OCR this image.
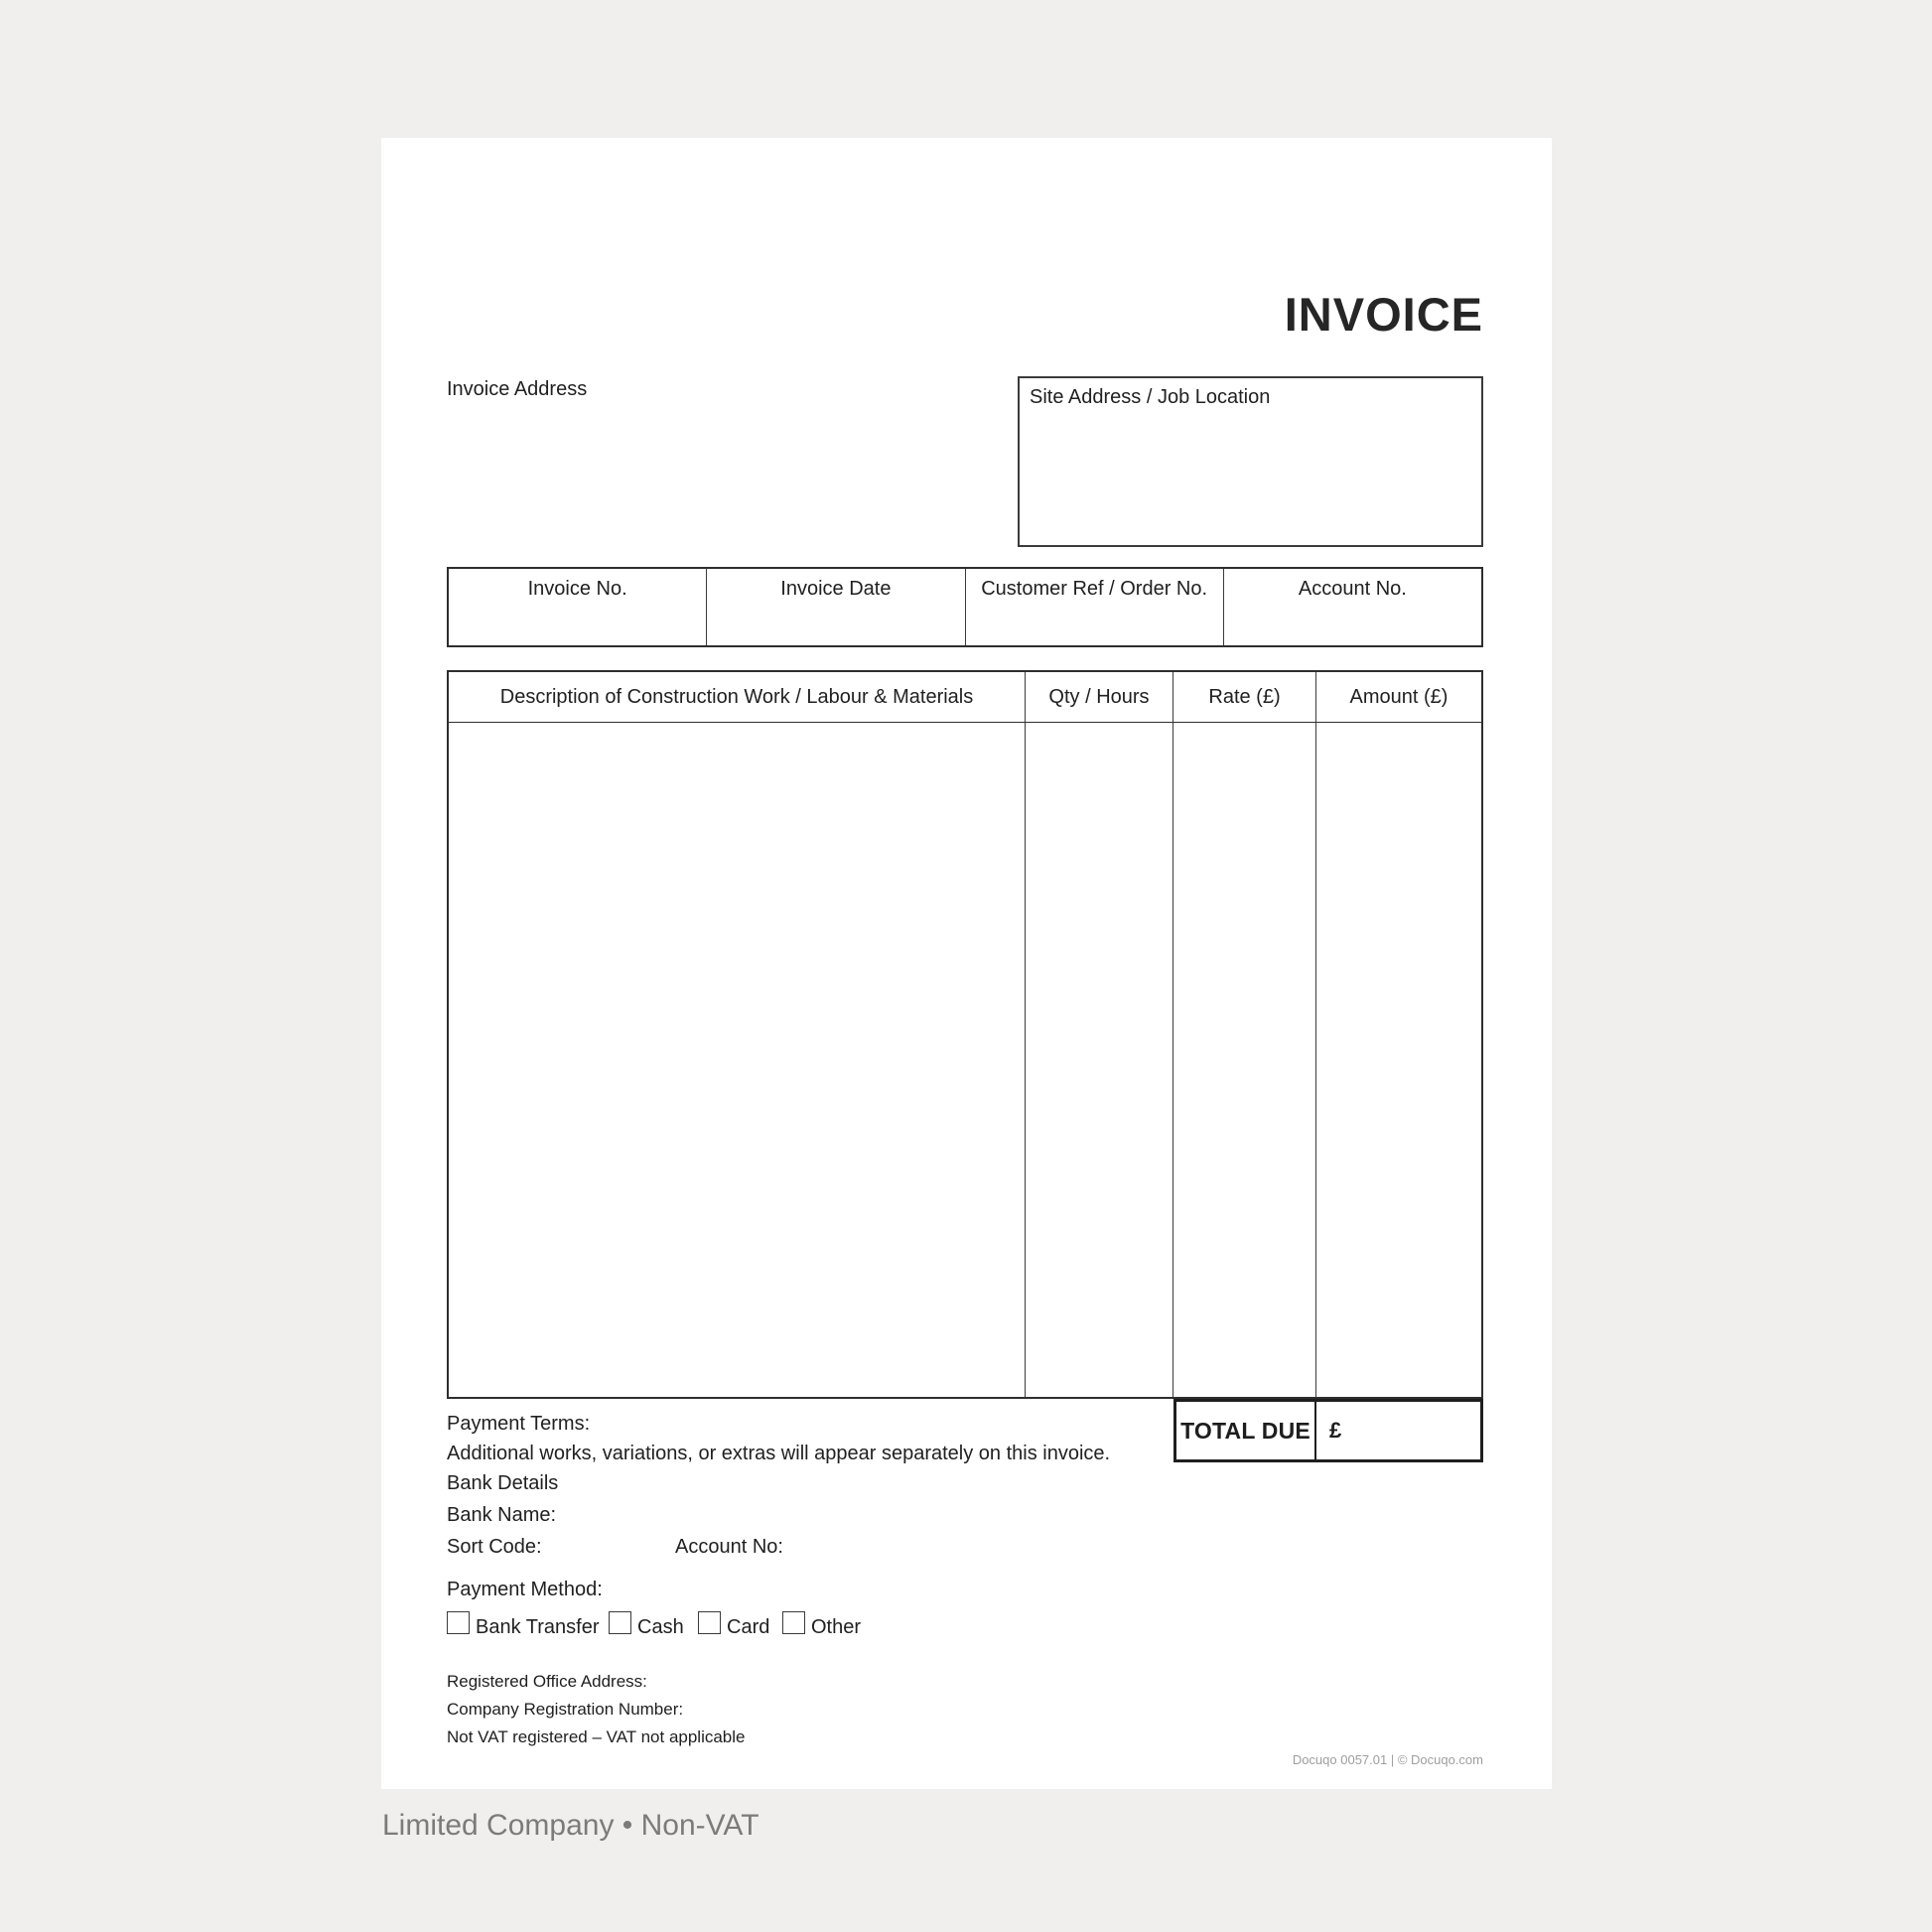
INVOICE
Invoice Address	Site Address / Job Location
Invoice No.	Invoice Date	Customer Ref / Order No.	Account No.
Description of Construction Work / Labour & Materials	Qty / Hours	Rate (£)	Amount (£)
TOTAL DUE £
Payment Terms:
Additional works, variations, or extras will appear separately on this invoice.
Bank Details
Bank Name:
Sort Code:	Account No:
Payment Method:
Bank Transfer Cash Card Other
Registered Office Address:
Company Registration Number:
Not VAT registered – VAT not applicable
Docuqo 0057.01 | © Docuqo.com
Limited Company • Non-VAT
